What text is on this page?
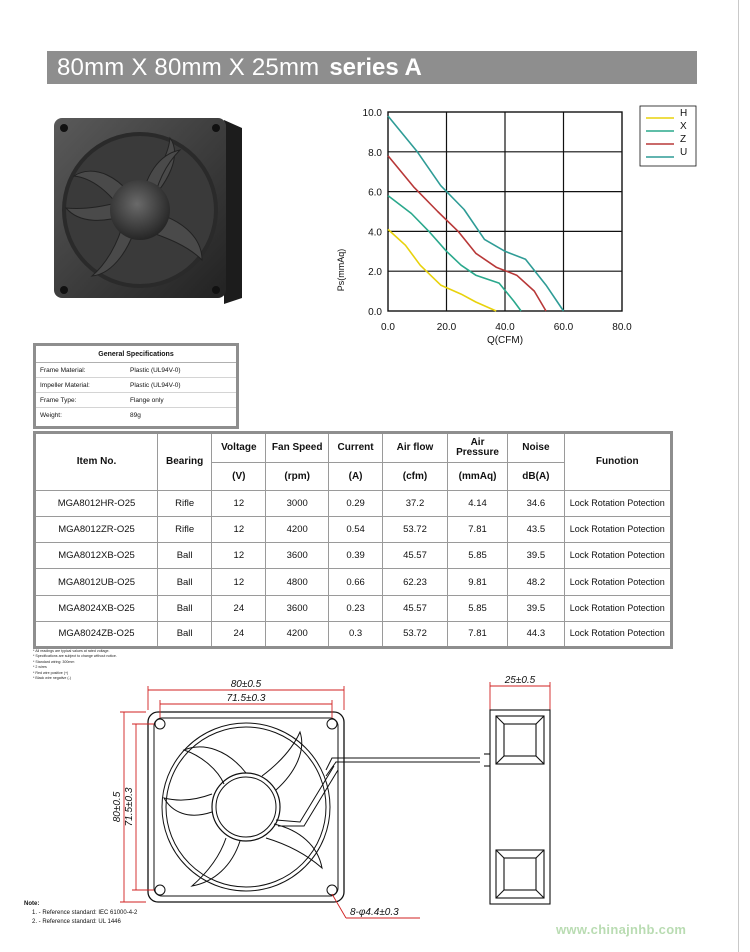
80mm X 80mm X 25mm series A
0.0	20.0	40.0	60.0	80.0
0.0
2.0
4.0
6.0
8.0
10.0
Ps(mmAq)
Q(CFM)
H
X
Z
U
General Specifications
Frame Material:	Plastic (UL94V-0)
Impeller Material:	Plastic (UL94V-0)
Frame Type:	Flange only
Weight:	89g
Item No.	Bearing	Voltage	Fan Speed	Current	Air flow	Air Pressure	Noise	Funotion
		(V)	(rpm)	(A)	(cfm)	(mmAq)	dB(A)	
MGA8012HR-O25	Rifle	12	3000	0.29	37.2	4.14	34.6	Lock Rotation Potection
MGA8012ZR-O25	Rifle	12	4200	0.54	53.72	7.81	43.5	Lock Rotation Potection
MGA8012XB-O25	Ball	12	3600	0.39	45.57	5.85	39.5	Lock Rotation Potection
MGA8012UB-O25	Ball	12	4800	0.66	62.23	9.81	48.2	Lock Rotation Potection
MGA8024XB-O25	Ball	24	3600	0.23	45.57	5.85	39.5	Lock Rotation Potection
MGA8024ZB-O25	Ball	24	4200	0.3	53.72	7.81	44.3	Lock Rotation Potection
* All readings are typical values at rated voltage.
* Specifications are subject to change without notice.
* Standard wiring: 300mm
* 2 wires
* Red wire positive (+)
* Black wire negative (-)
80±0.5
71.5±0.3
80±0.5 71.5±0.3
25±0.5
8-φ4.4±0.3
Note:
1. - Reference standard: IEC 61000-4-2
2. - Reference standard: UL 1446	www.chinajnhb.com
